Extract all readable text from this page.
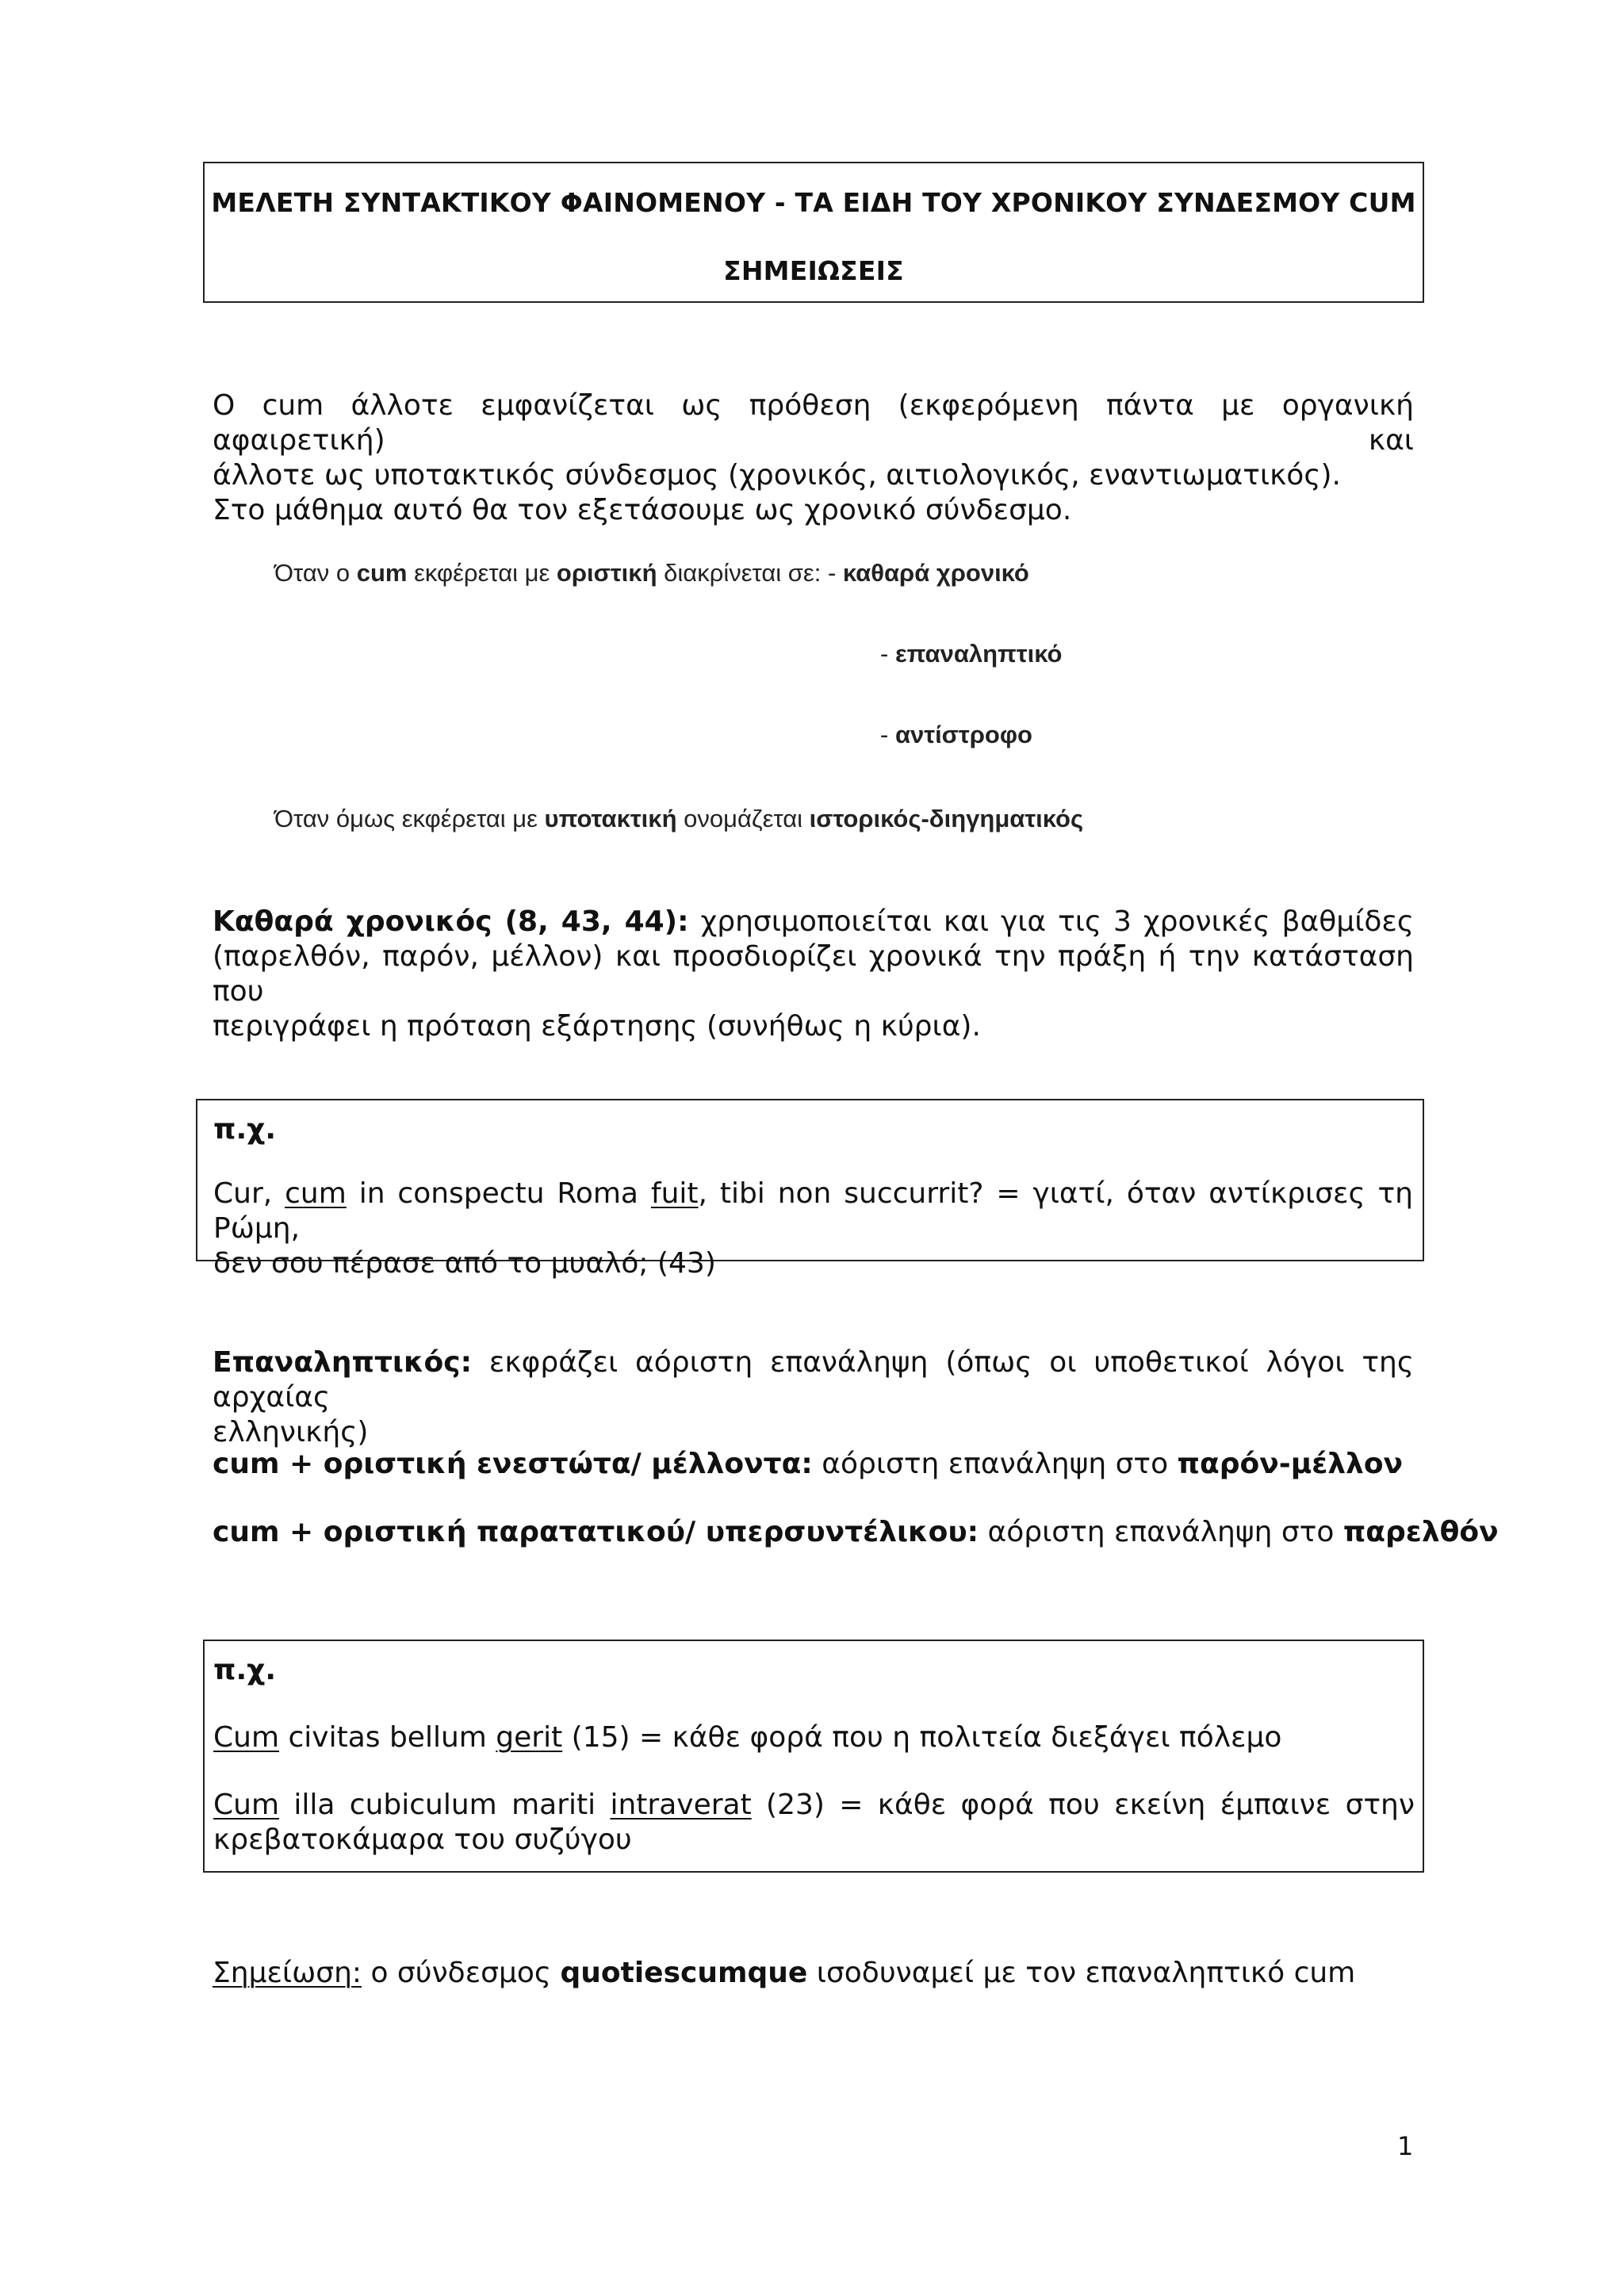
ΜΕΛΕΤΗ ΣΥΝΤΑΚΤΙΚΟΥ ΦΑΙΝΟΜΕΝΟΥ - ΤΑ ΕΙΔΗ ΤΟΥ ΧΡΟΝΙΚΟΥ ΣΥΝΔΕΣΜΟΥ CUM
ΣΗΜΕΙΩΣΕΙΣ
Ο cum άλλοτε εμφανίζεται ως πρόθεση (εκφερόμενη πάντα με οργανική αφαιρετική) και
άλλοτε ως υποτακτικός σύνδεσμος (χρονικός, αιτιολογικός, εναντιωματικός).
Στο μάθημα αυτό θα τον εξετάσουμε ως χρονικό σύνδεσμο.
Όταν ο cum εκφέρεται με οριστική διακρίνεται σε: - καθαρά χρονικό
- επαναληπτικό
- αντίστροφο
Όταν όμως εκφέρεται με υποτακτική ονομάζεται ιστορικός-διηγηματικός
Καθαρά χρονικός (8, 43, 44): χρησιμοποιείται και για τις 3 χρονικές βαθμίδες
(παρελθόν, παρόν, μέλλον) και προσδιορίζει χρονικά την πράξη ή την κατάσταση που
περιγράφει η πρόταση εξάρτησης (συνήθως η κύρια).
π.χ.
Cur, cum in conspectu Roma fuit, tibi non succurrit? = γιατί, όταν αντίκρισες τη Ρώμη,
δεν σου πέρασε από το μυαλό; (43)
Επαναληπτικός: εκφράζει αόριστη επανάληψη (όπως οι υποθετικοί λόγοι της αρχαίας
ελληνικής)
cum + οριστική ενεστώτα/ μέλλοντα: αόριστη επανάληψη στο παρόν-μέλλον
cum + οριστική παρατατικού/ υπερσυντέλικου: αόριστη επανάληψη στο παρελθόν
π.χ.
Cum civitas bellum gerit (15) = κάθε φορά που η πολιτεία διεξάγει πόλεμο
Cum illa cubiculum mariti intraverat (23) = κάθε φορά που εκείνη έμπαινε στην
κρεβατοκάμαρα του συζύγου
Σημείωση: ο σύνδεσμος quotiescumque ισοδυναμεί με τον επαναληπτικό cum
1
